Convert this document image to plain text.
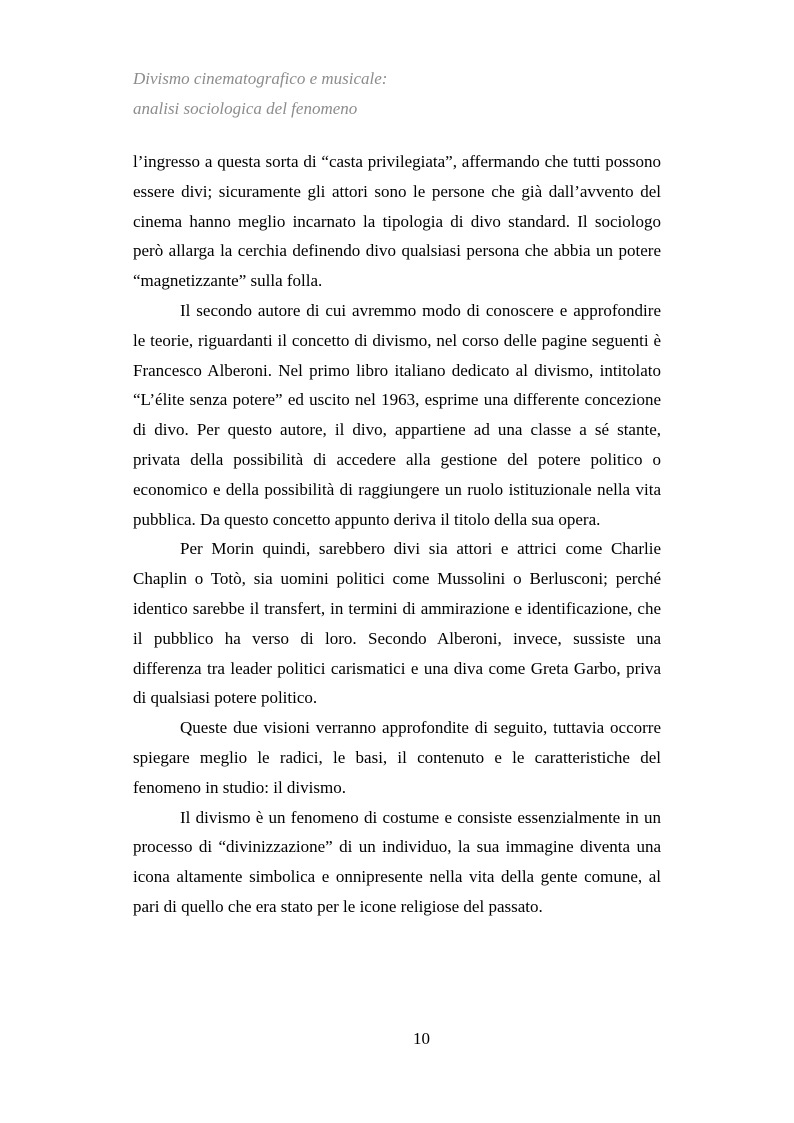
Divismo cinematografico e musicale:
analisi sociologica del fenomeno

l’ingresso a questa sorta di “casta privilegiata”, affermando che tutti possono essere divi; sicuramente gli attori sono le persone che già dall’avvento del cinema hanno meglio incarnato la tipologia di divo standard. Il sociologo però allarga la cerchia definendo divo qualsiasi persona che abbia un potere “magnetizzante” sulla folla.

Il secondo autore di cui avremmo modo di conoscere e approfondire le teorie, riguardanti il concetto di divismo, nel corso delle pagine seguenti è Francesco Alberoni. Nel primo libro italiano dedicato al divismo, intitolato “L’élite senza potere” ed uscito nel 1963, esprime una differente concezione di divo. Per questo autore, il divo, appartiene ad una classe a sé stante, privata della possibilità di accedere alla gestione del potere politico o economico e della possibilità di raggiungere un ruolo istituzionale nella vita pubblica. Da questo concetto appunto deriva il titolo della sua opera.

Per Morin quindi, sarebbero divi sia attori e attrici come Charlie Chaplin o Totò, sia uomini politici come Mussolini o Berlusconi; perché identico sarebbe il transfert, in termini di ammirazione e identificazione, che il pubblico ha verso di loro. Secondo Alberoni, invece, sussiste una differenza tra leader politici carismatici e una diva come Greta Garbo, priva di qualsiasi potere politico.

Queste due visioni verranno approfondite di seguito, tuttavia occorre spiegare meglio le radici, le basi, il contenuto e le caratteristiche del fenomeno in studio: il divismo.

Il divismo è un fenomeno di costume e consiste essenzialmente in un processo di “divinizzazione” di un individuo, la sua immagine diventa una icona altamente simbolica e onnipresente nella vita della gente comune, al pari di quello che era stato per le icone religiose del passato.

10
